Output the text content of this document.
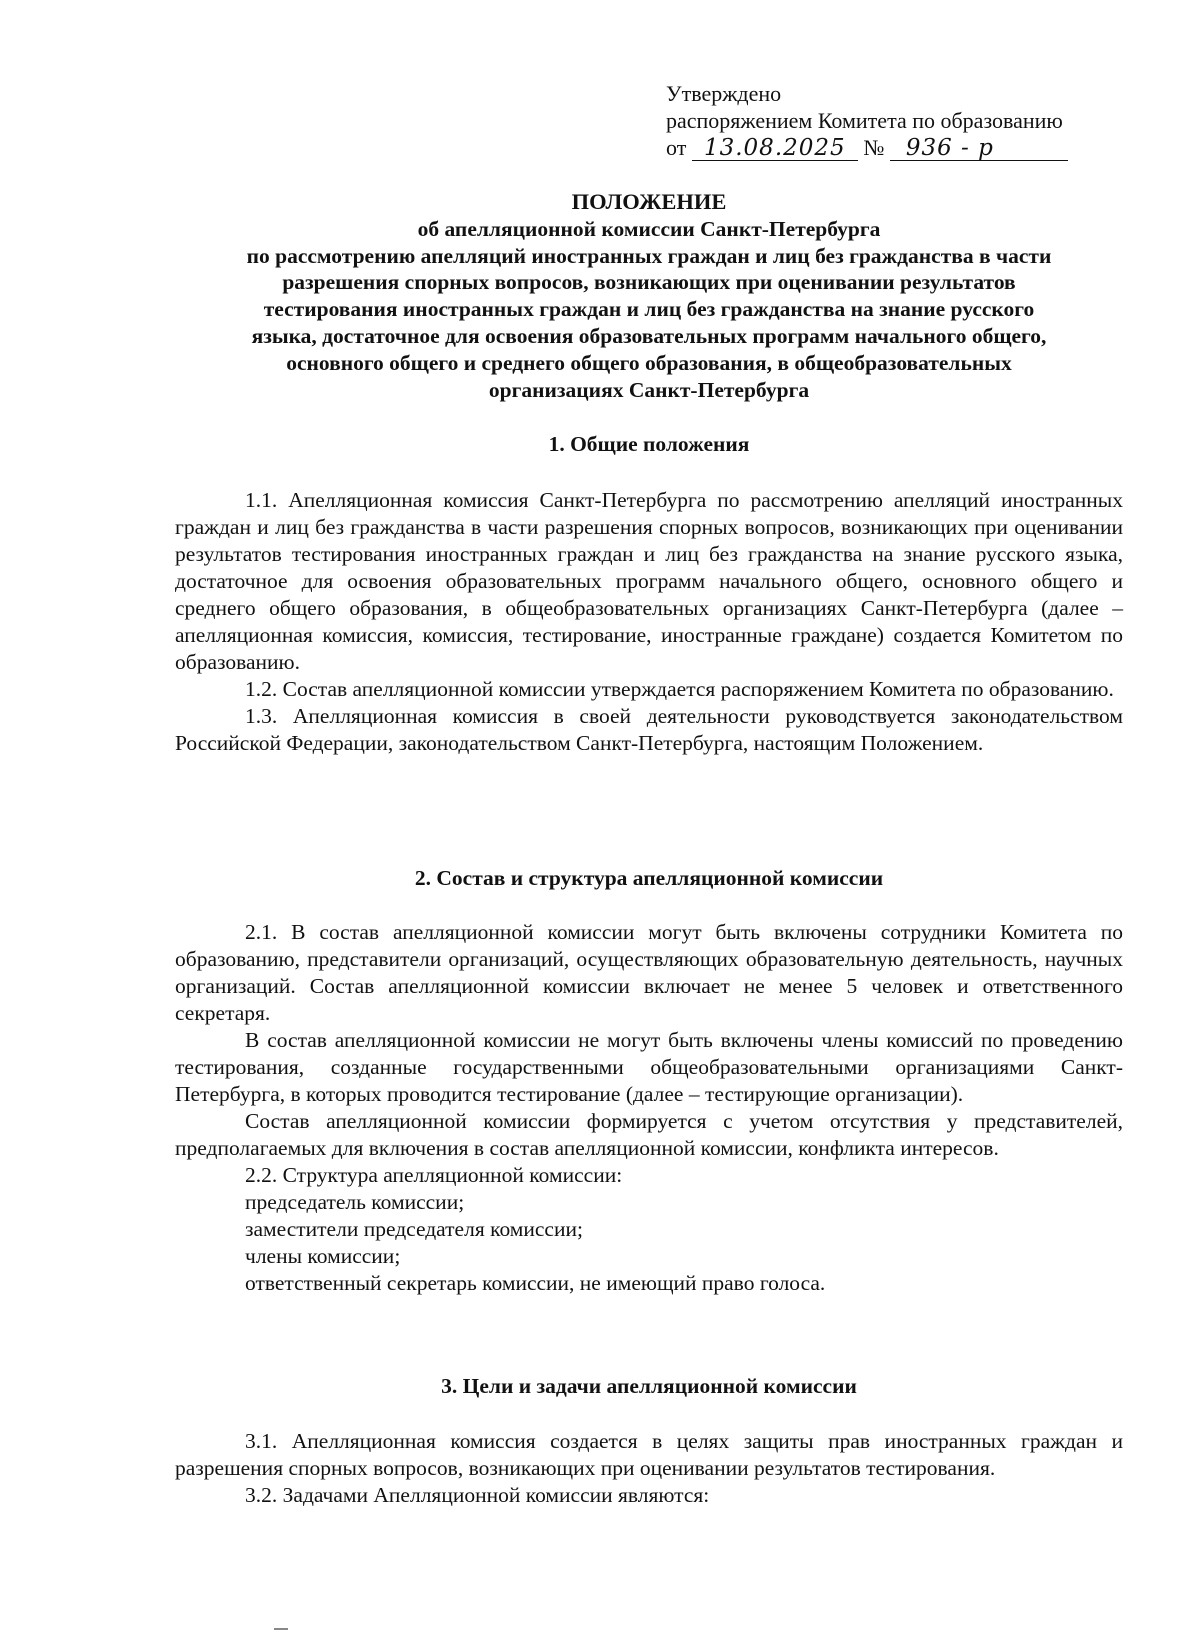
Утверждено
распоряжением Комитета по образованию
от 13.08.2025 № 936 - р
ПОЛОЖЕНИЕ
об апелляционной комиссии Санкт-Петербурга
по рассмотрению апелляций иностранных граждан и лиц без гражданства в части
разрешения спорных вопросов, возникающих при оценивании результатов
тестирования иностранных граждан и лиц без гражданства на знание русского
языка, достаточное для освоения образовательных программ начального общего,
основного общего и среднего общего образования, в общеобразовательных
организациях Санкт-Петербурга
1. Общие положения

1.1. Апелляционная комиссия Санкт-Петербурга по рассмотрению апелляций иностранных граждан и лиц без гражданства в части разрешения спорных вопросов, возникающих при оценивании результатов тестирования иностранных граждан и лиц без гражданства на знание русского языка, достаточное для освоения образовательных программ начального общего, основного общего и среднего общего образования, в общеобразовательных организациях Санкт-Петербурга (далее – апелляционная комиссия, комиссия, тестирование, иностранные граждане) создается Комитетом по образованию.

1.2. Состав апелляционной комиссии утверждается распоряжением Комитета по образованию.

1.3. Апелляционная комиссия в своей деятельности руководствуется законодательством Российской Федерации, законодательством Санкт-Петербурга, настоящим Положением.

2. Состав и структура апелляционной комиссии

2.1. В состав апелляционной комиссии могут быть включены сотрудники Комитета по образованию, представители организаций, осуществляющих образовательную деятельность, научных организаций. Состав апелляционной комиссии включает не менее 5 человек и ответственного секретаря.

В состав апелляционной комиссии не могут быть включены члены комиссий по проведению тестирования, созданные государственными общеобразовательными организациями Санкт-Петербурга, в которых проводится тестирование (далее – тестирующие организации).

Состав апелляционной комиссии формируется с учетом отсутствия у представителей, предполагаемых для включения в состав апелляционной комиссии, конфликта интересов.

2.2. Структура апелляционной комиссии:

председатель комиссии;

заместители председателя комиссии;

члены комиссии;

ответственный секретарь комиссии, не имеющий право голоса.

3. Цели и задачи апелляционной комиссии

3.1. Апелляционная комиссия создается в целях защиты прав иностранных граждан и разрешения спорных вопросов, возникающих при оценивании результатов тестирования.

3.2. Задачами Апелляционной комиссии являются:
